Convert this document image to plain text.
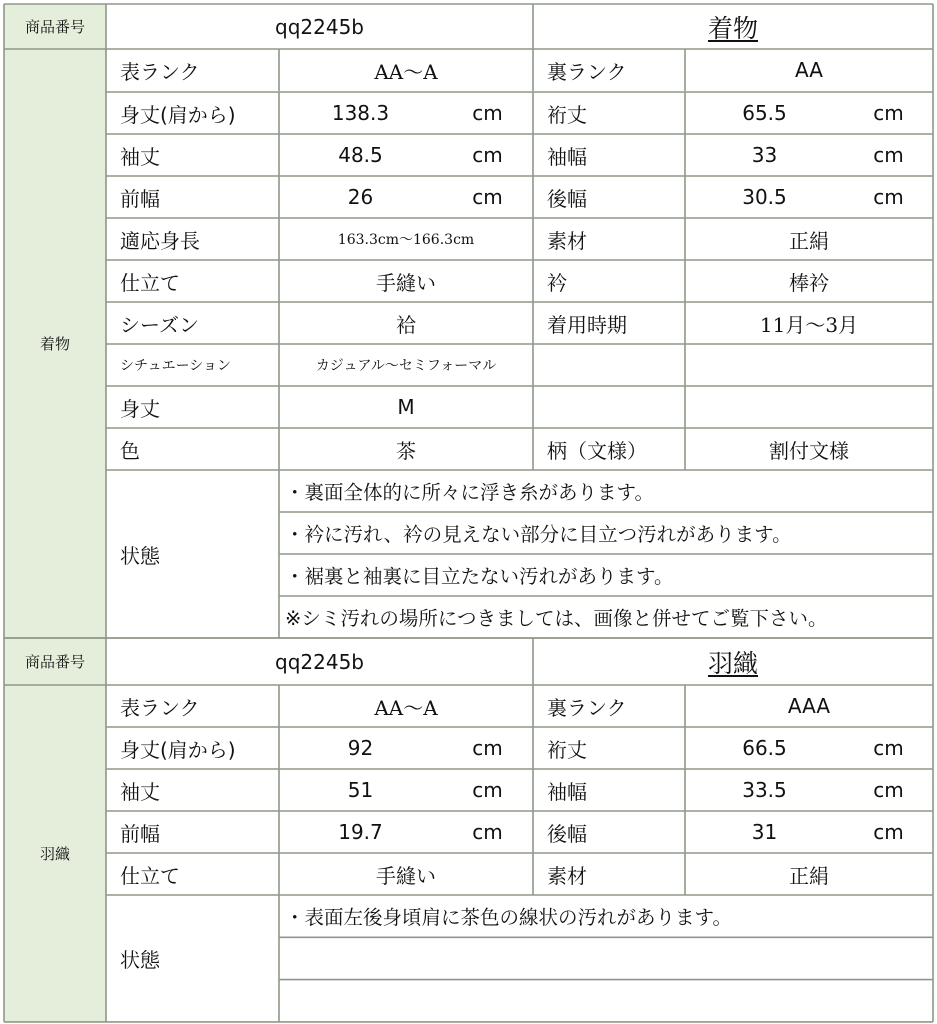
商品番号	qq2245b	着物
着物
表ランク	AA～A	裏ランク	AA
身丈(肩から)	138.3	cm	裄丈	65.5	cm
袖丈	48.5	cm	袖幅	33	cm
前幅	26	cm	後幅	30.5	cm
適応身長	163.3cm～166.3cm	素材	正絹
仕立て	手縫い	衿	棒衿
シーズン	袷	着用時期	11月～3月
シチュエーション	カジュアル～セミフォーマル
身丈	M
色	茶	柄（文様）	割付文様
状態
・裏面全体的に所々に浮き糸があります。
・衿に汚れ、衿の見えない部分に目立つ汚れがあります。
・裾裏と袖裏に目立たない汚れがあります。
※シミ汚れの場所につきましては、画像と併せてご覧下さい。
商品番号	qq2245b	羽織
羽織
表ランク	AA～A	裏ランク	AAA
身丈(肩から)	92	cm	裄丈	66.5	cm
袖丈	51	cm	袖幅	33.5	cm
前幅	19.7	cm	後幅	31	cm
仕立て	手縫い	素材	正絹
状態
・表面左後身頃肩に茶色の線状の汚れがあります。
